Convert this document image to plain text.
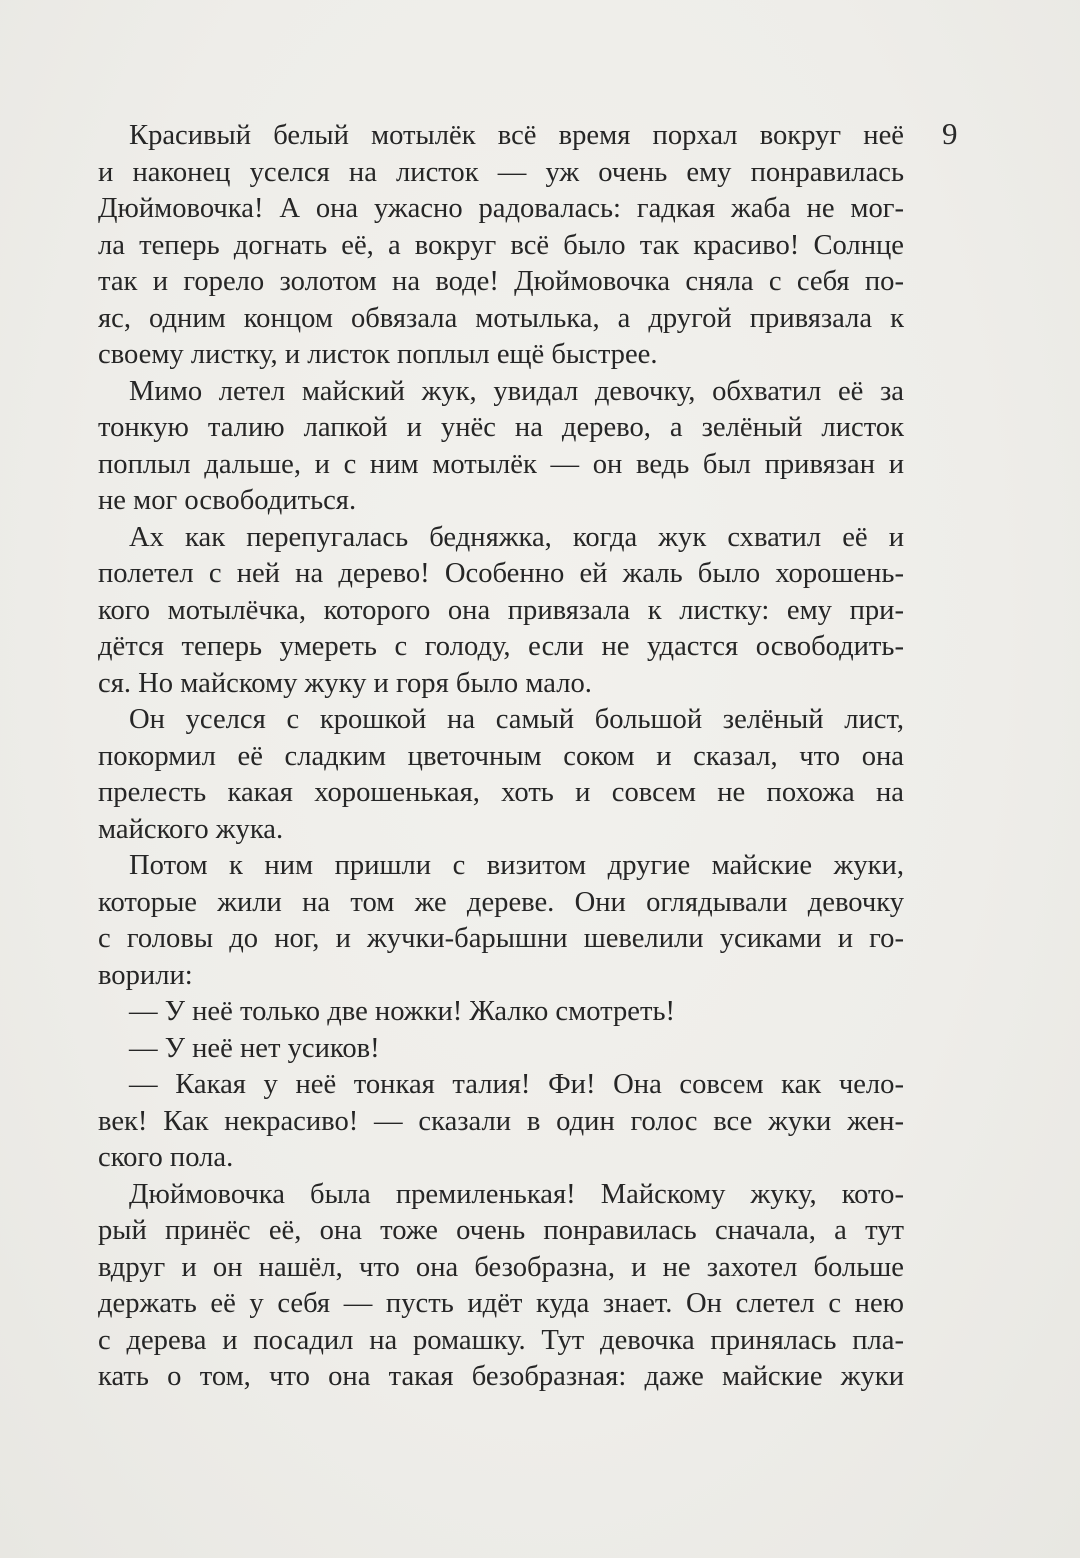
9
Красивый белый мотылёк всё время порхал вокруг неё
и наконец уселся на листок — уж очень ему понравилась
Дюймовочка! А она ужасно радовалась: гадкая жаба не мог-
ла теперь догнать её, а вокруг всё было так красиво! Солнце
так и горело золотом на воде! Дюймовочка сняла с себя по-
яс, одним концом обвязала мотылька, а другой привязала к
своему листку, и листок поплыл ещё быстрее.
Мимо летел майский жук, увидал девочку, обхватил её за
тонкую талию лапкой и унёс на дерево, а зелёный листок
поплыл дальше, и с ним мотылёк — он ведь был привязан и
не мог освободиться.
Ах как перепугалась бедняжка, когда жук схватил её и
полетел с ней на дерево! Особенно ей жаль было хорошень-
кого мотылёчка, которого она привязала к листку: ему при-
дётся теперь умереть с голоду, если не удастся освободить-
ся. Но майскому жуку и горя было мало.
Он уселся с крошкой на самый большой зелёный лист,
покормил её сладким цветочным соком и сказал, что она
прелесть какая хорошенькая, хоть и совсем не похожа на
майского жука.
Потом к ним пришли с визитом другие майские жуки,
которые жили на том же дереве. Они оглядывали девочку
с головы до ног, и жучки-барышни шевелили усиками и го-
ворили:
— У неё только две ножки! Жалко смотреть!
— У неё нет усиков!
— Какая у неё тонкая талия! Фи! Она совсем как чело-
век! Как некрасиво! — сказали в один голос все жуки жен-
ского пола.
Дюймовочка была премиленькая! Майскому жуку, кото-
рый принёс её, она тоже очень понравилась сначала, а тут
вдруг и он нашёл, что она безобразна, и не захотел больше
держать её у себя — пусть идёт куда знает. Он слетел с нею
с дерева и посадил на ромашку. Тут девочка принялась пла-
кать о том, что она такая безобразная: даже майские жуки
